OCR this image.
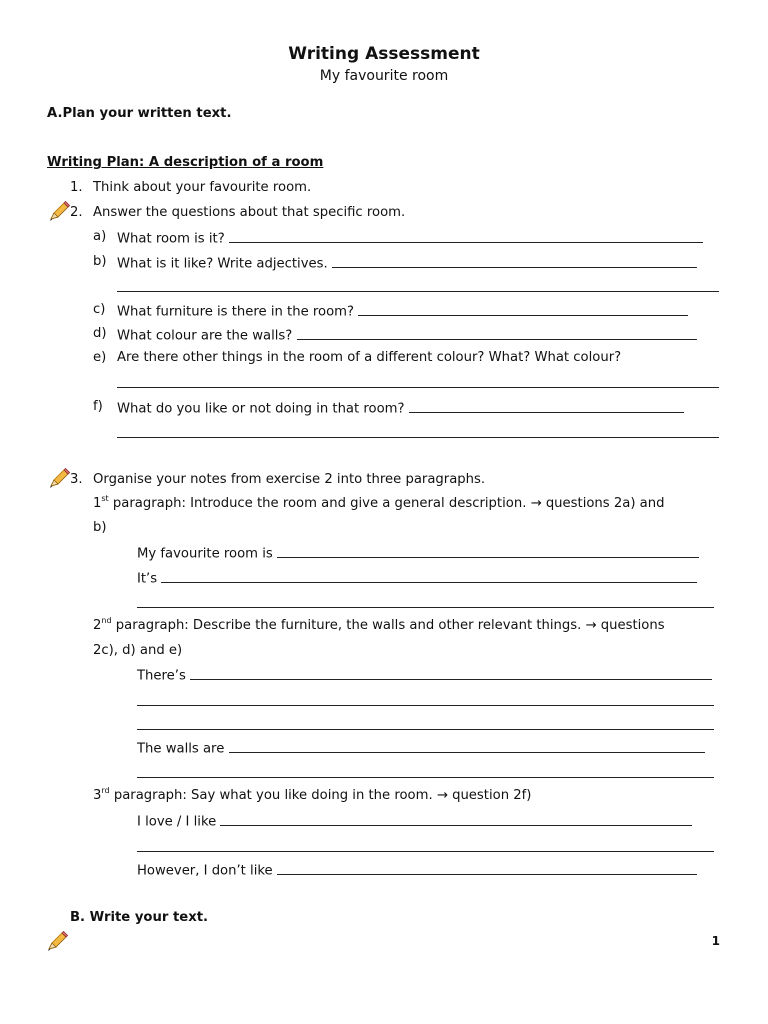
Writing Assessment
My favourite room
A.Plan your written text.
Writing Plan: A description of a room
1. Think about your favourite room.
2. Answer the questions about that specific room.
a) What room is it?
b) What is it like? Write adjectives.
c) What furniture is there in the room?
d) What colour are the walls?
e) Are there other things in the room of a different colour? What? What colour?
f) What do you like or not doing in that room?
3. Organise your notes from exercise 2 into three paragraphs.
1st paragraph: Introduce the room and give a general description. → questions 2a) and
b)
My favourite room is
It’s
2nd paragraph: Describe the furniture, the walls and other relevant things. → questions
2c), d) and e)
There’s
The walls are
3rd paragraph: Say what you like doing in the room. → question 2f)
I love / I like
However, I don’t like
B. Write your text.
1
